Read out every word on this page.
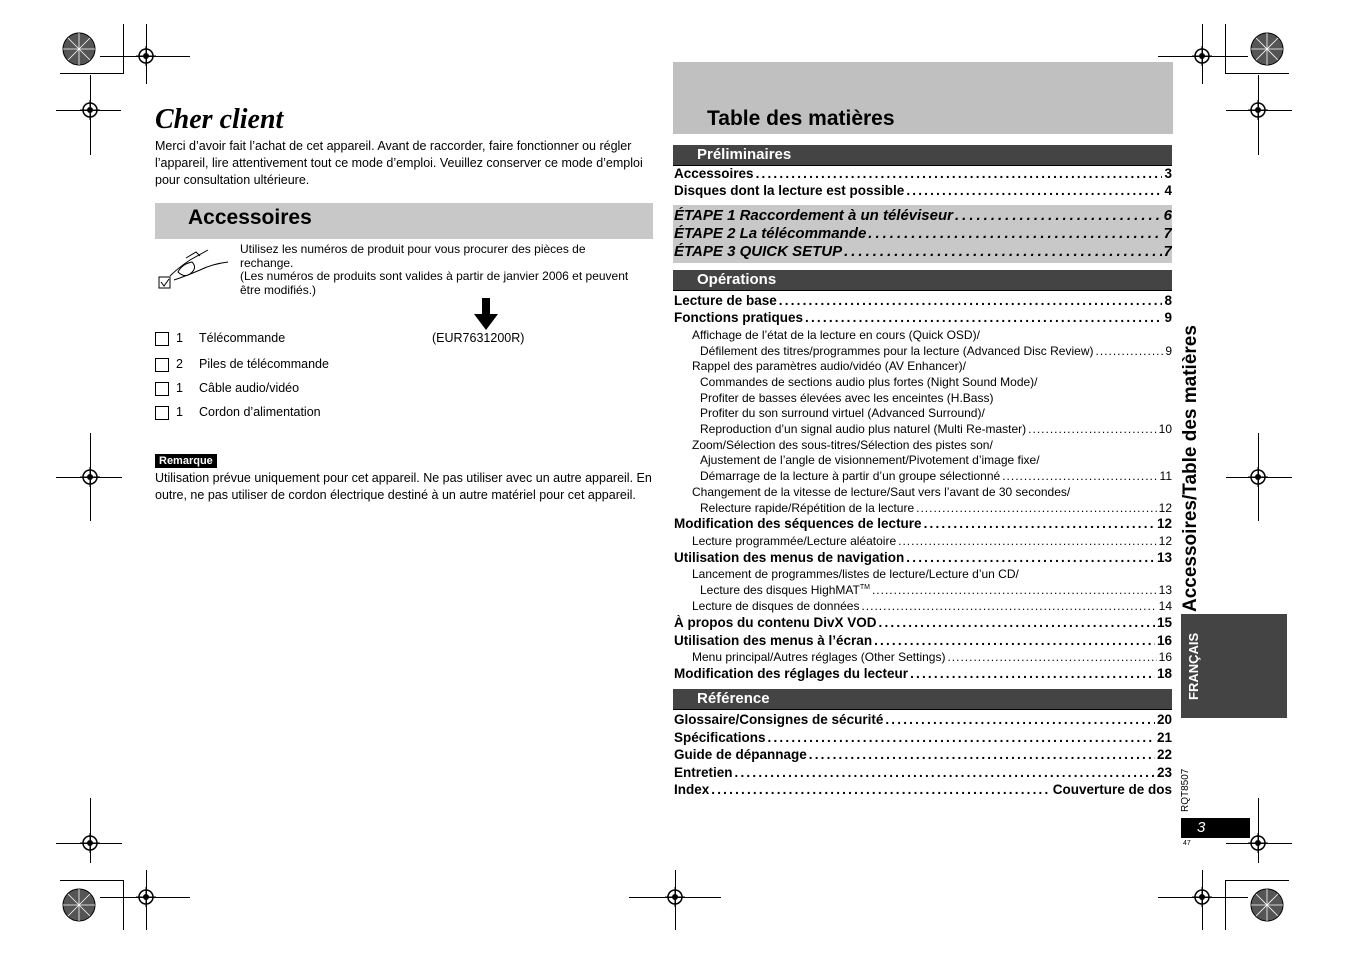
Cher client
Merci d’avoir fait l’achat de cet appareil. Avant de raccorder, faire fonctionner ou régler l’appareil, lire attentivement tout ce mode d’emploi. Veuillez conserver ce mode d’emploi pour consultation ultérieure.
Accessoires
Utilisez les numéros de produit pour vous procurer des pièces de rechange.
(Les numéros de produits sont valides à partir de janvier 2006 et peuvent être modifiés.)
1 Télécommande	(EUR7631200R)
2 Piles de télécommande
1 Câble audio/vidéo
1 Cordon d’alimentation
Remarque
Utilisation prévue uniquement pour cet appareil. Ne pas utiliser avec un autre appareil. En outre, ne pas utiliser de cordon électrique destiné à un autre matériel pour cet appareil.
Table des matières
Préliminaires
Accessoires .....	3
Disques dont la lecture est possible .....	4
ÉTAPE 1 Raccordement à un téléviseur .....	6
ÉTAPE 2 La télécommande .....	7
ÉTAPE 3 QUICK SETUP .....	7
Opérations
Lecture de base .....	8
Fonctions pratiques .....	9
Affichage de l’état de la lecture en cours (Quick OSD)/
Défilement des titres/programmes pour la lecture (Advanced Disc Review) .....	9
Rappel des paramètres audio/vidéo (AV Enhancer)/
Commandes de sections audio plus fortes (Night Sound Mode)/
Profiter de basses élevées avec les enceintes (H.Bass)
Profiter du son surround virtuel (Advanced Surround)/
Reproduction d’un signal audio plus naturel (Multi Re-master) .....	10
Zoom/Sélection des sous-titres/Sélection des pistes son/
Ajustement de l’angle de visionnement/Pivotement d’image fixe/
Démarrage de la lecture à partir d’un groupe sélectionné .....	11
Changement de la vitesse de lecture/Saut vers l’avant de 30 secondes/
Relecture rapide/Répétition de la lecture .....	12
Modification des séquences de lecture .....	12
Lecture programmée/Lecture aléatoire .....	12
Utilisation des menus de navigation .....	13
Lancement de programmes/listes de lecture/Lecture d’un CD/
Lecture des disques HighMAT™ .....	13
Lecture de disques de données .....	14
À propos du contenu DivX VOD .....	15
Utilisation des menus à l’écran .....	16
Menu principal/Autres réglages (Other Settings) .....	16
Modification des réglages du lecteur .....	18
Référence
Glossaire/Consignes de sécurité .....	20
Spécifications .....	21
Guide de dépannage .....	22
Entretien .....	23
Index .....	Couverture de dos
Accessoires/Table des matières
FRANÇAIS
RQT8507
3
47
